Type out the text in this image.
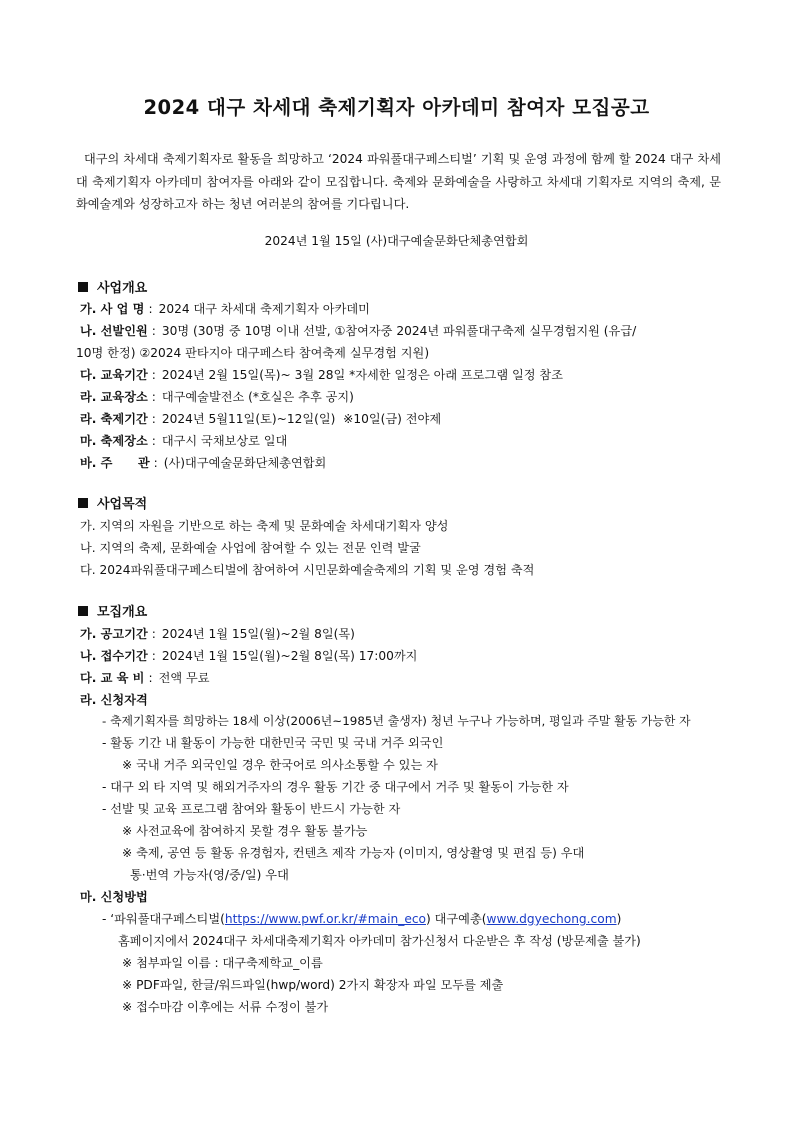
2024 대구 차세대 축제기획자 아카데미 참여자 모집공고

대구의 차세대 축제기획자로 활동을 희망하고 ‘2024 파워풀대구페스티벌’ 기획 및 운영 과정에 함께 할 2024 대구 차세대 축제기획자 아카데미 참여자를 아래와 같이 모집합니다. 축제와 문화예술을 사랑하고 차세대 기획자로 지역의 축제, 문화예술계와 성장하고자 하는 청년 여러분의 참여를 기다립니다.

2024년 1월 15일 (사)대구예술문화단체총연합회
사업개요
가. 사 업 명 : 2024 대구 차세대 축제기획자 아카데미
나. 선발인원 : 30명 (30명 중 10명 이내 선발, ①참여자중 2024년 파워풀대구축제 실무경험지원 (유급/
10명 한정) ②2024 판타지아 대구페스타 참여축제 실무경험 지원)
다. 교육기간 : 2024년 2월 15일(목)~ 3월 28일 *자세한 일정은 아래 프로그램 일정 참조
라. 교육장소 : 대구예술발전소 (*호실은 추후 공지)
라. 축제기간 : 2024년 5월11일(토)~12일(일)  ※10일(금) 전야제
마. 축제장소 : 대구시 국채보상로 일대
바. 주      관 : (사)대구예술문화단체총연합회
사업목적
가. 지역의 자원을 기반으로 하는 축제 및 문화예술 차세대기획자 양성
나. 지역의 축제, 문화예술 사업에 참여할 수 있는 전문 인력 발굴
다. 2024파워풀대구페스티벌에 참여하여 시민문화예술축제의 기획 및 운영 경험 축적
모집개요
가. 공고기간 : 2024년 1월 15일(월)~2월 8일(목)
나. 접수기간 : 2024년 1월 15일(월)~2월 8일(목) 17:00까지
다. 교 육 비 : 전액 무료
라. 신청자격
- 축제기획자를 희망하는 18세 이상(2006년~1985년 출생자) 청년 누구나 가능하며, 평일과 주말 활동 가능한 자
- 활동 기간 내 활동이 가능한 대한민국 국민 및 국내 거주 외국인
※ 국내 거주 외국인일 경우 한국어로 의사소통할 수 있는 자
- 대구 외 타 지역 및 해외거주자의 경우 활동 기간 중 대구에서 거주 및 활동이 가능한 자
- 선발 및 교육 프로그램 참여와 활동이 반드시 가능한 자
※ 사전교육에 참여하지 못할 경우 활동 불가능
※ 축제, 공연 등 활동 유경험자, 컨텐츠 제작 가능자 (이미지, 영상촬영 및 편집 등) 우대
통·번역 가능자(영/중/일) 우대
마. 신청방법
- ‘파워풀대구페스티벌(https://www.pwf.or.kr/#main_eco) 대구예총(www.dgyechong.com)
홈페이지에서 2024대구 차세대축제기획자 아카데미 참가신청서 다운받은 후 작성 (방문제출 불가)
※ 첨부파일 이름 : 대구축제학교_이름
※ PDF파일, 한글/워드파일(hwp/word) 2가지 확장자 파일 모두를 제출
※ 접수마감 이후에는 서류 수정이 불가
